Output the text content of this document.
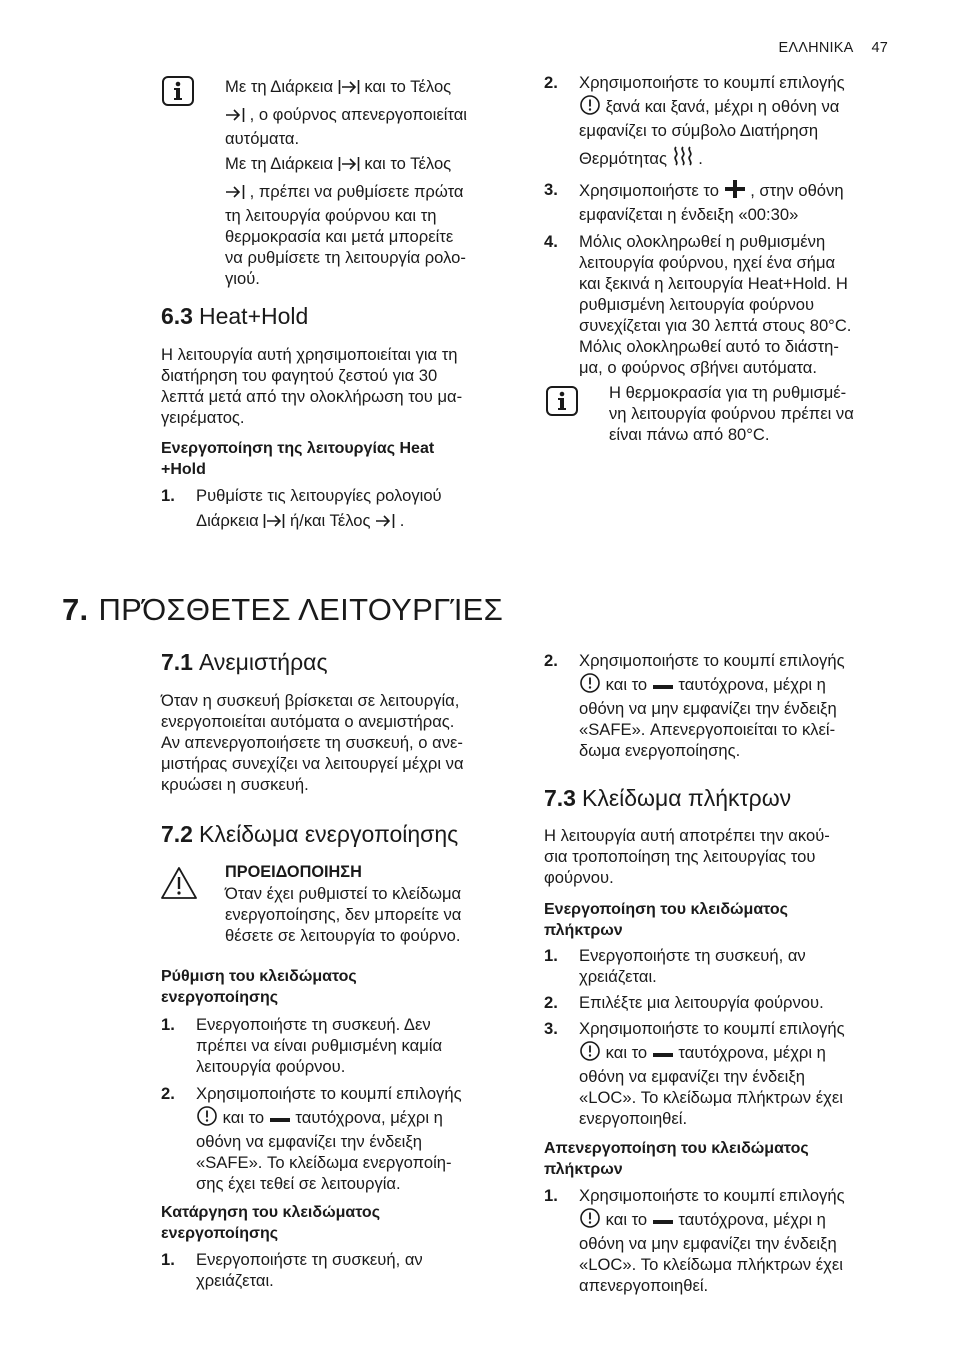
ΕΛΛΗΝΙΚΑ 47

Με τη Διάρκεια και το Τέλος

, ο φούρνος απενεργοποιείται

αυτόματα.

Με τη Διάρκεια και το Τέλος

, πρέπει να ρυθμίσετε πρώτα

τη λειτουργία φούρνου και τη

θερμοκρασία και μετά μπορείτε

να ρυθμίσετε τη λειτουργία ρολο-

γιού.

6.3 Heat+Hold

Η λειτουργία αυτή χρησιμοποιείται για τη

διατήρηση του φαγητού ζεστού για 30

λεπτά μετά από την ολοκλήρωση του μα-

γειρέματος.

Ενεργοποίηση της λειτουργίας Heat

+Hold

1. Ρυθμίστε τις λειτουργίες ρολογιού

Διάρκεια ή/και Τέλος .

2. Χρησιμοποιήστε το κουμπί επιλογής

ξανά και ξανά, μέχρι η οθόνη να

εμφανίζει το σύμβολο Διατήρηση

Θερμότητας .

3. Χρησιμοποιήστε το , στην οθόνη

εμφανίζεται η ένδειξη «00:30»

4. Μόλις ολοκληρωθεί η ρυθμισμένη

λειτουργία φούρνου, ηχεί ένα σήμα

και ξεκινά η λειτουργία Heat+Hold. Η

ρυθμισμένη λειτουργία φούρνου

συνεχίζεται για 30 λεπτά στους 80°C.

Μόλις ολοκληρωθεί αυτό το διάστη-

μα, ο φούρνος σβήνει αυτόματα.

Η θερμοκρασία για τη ρυθμισμέ-

νη λειτουργία φούρνου πρέπει να

είναι πάνω από 80°C.

7. ΠΡΌΣΘΕΤΕΣ ΛΕΙΤΟΥΡΓΊΕΣ
7.1 Ανεμιστήρας

Όταν η συσκευή βρίσκεται σε λειτουργία,

ενεργοποιείται αυτόματα ο ανεμιστήρας.

Αν απενεργοποιήσετε τη συσκευή, ο ανε-

μιστήρας συνεχίζει να λειτουργεί μέχρι να

κρυώσει η συσκευή.

7.2 Κλείδωμα ενεργοποίησης

ΠΡΟΕΙΔΟΠΟΙΗΣΗ

Όταν έχει ρυθμιστεί το κλείδωμα

ενεργοποίησης, δεν μπορείτε να

θέσετε σε λειτουργία το φούρνο.

Ρύθμιση του κλειδώματος

ενεργοποίησης

1. Ενεργοποιήστε τη συσκευή. Δεν

πρέπει να είναι ρυθμισμένη καμία

λειτουργία φούρνου.

2. Χρησιμοποιήστε το κουμπί επιλογής

και το ταυτόχρονα, μέχρι η

οθόνη να εμφανίζει την ένδειξη

«SAFE». Το κλείδωμα ενεργοποίη-

σης έχει τεθεί σε λειτουργία.

Κατάργηση του κλειδώματος

ενεργοποίησης

1. Ενεργοποιήστε τη συσκευή, αν

χρειάζεται.

2. Χρησιμοποιήστε το κουμπί επιλογής

και το ταυτόχρονα, μέχρι η

οθόνη να μην εμφανίζει την ένδειξη

«SAFE». Απενεργοποιείται το κλεί-

δωμα ενεργοποίησης.

7.3 Κλείδωμα πλήκτρων

Η λειτουργία αυτή αποτρέπει την ακού-

σια τροποποίηση της λειτουργίας του

φούρνου.

Ενεργοποίηση του κλειδώματος

πλήκτρων

1. Ενεργοποιήστε τη συσκευή, αν

χρειάζεται.

2. Επιλέξτε μια λειτουργία φούρνου.

3. Χρησιμοποιήστε το κουμπί επιλογής

και το ταυτόχρονα, μέχρι η

οθόνη να εμφανίζει την ένδειξη

«LOC». Το κλείδωμα πλήκτρων έχει

ενεργοποιηθεί.

Απενεργοποίηση του κλειδώματος

πλήκτρων

1. Χρησιμοποιήστε το κουμπί επιλογής

και το ταυτόχρονα, μέχρι η

οθόνη να μην εμφανίζει την ένδειξη

«LOC». Το κλείδωμα πλήκτρων έχει

απενεργοποιηθεί.
